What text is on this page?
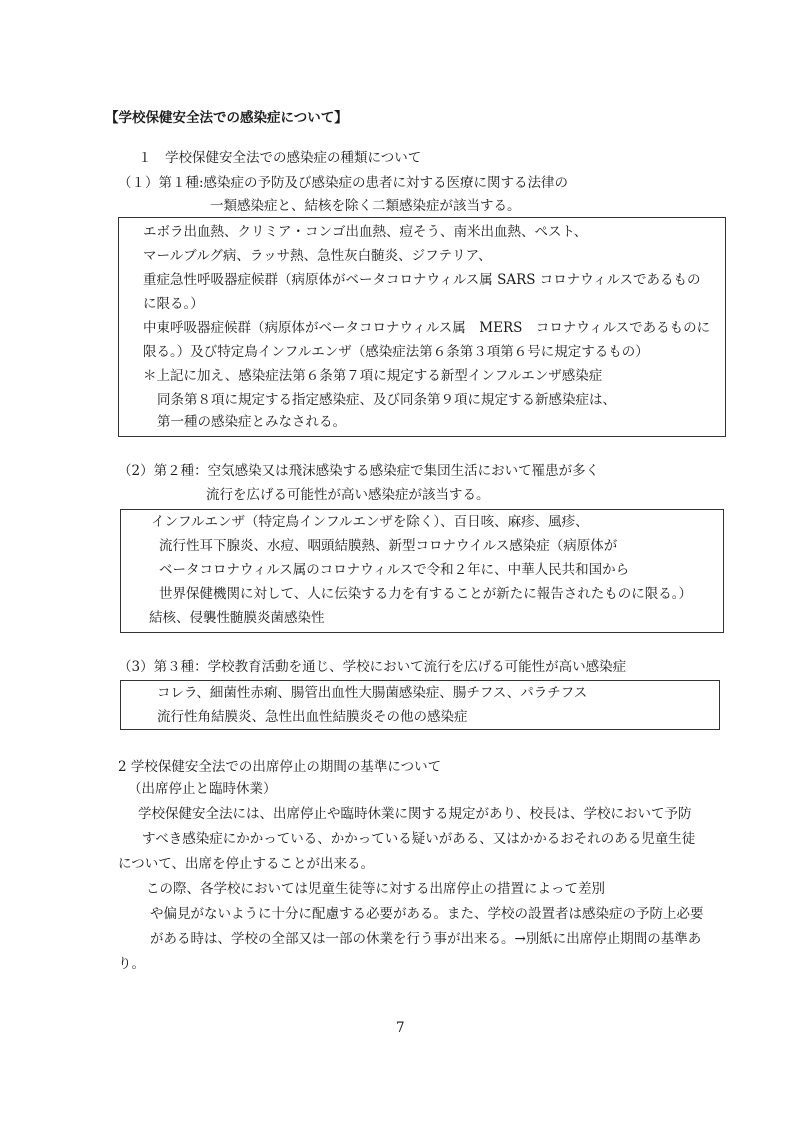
【学校保健安全法での感染症について】
１　学校保健安全法での感染症の種類について
（１）第１種:感染症の予防及び感染症の患者に対する医療に関する法律の
一類感染症と、結核を除く二類感染症が該当する。
エボラ出血熱、クリミア・コンゴ出血熱、痘そう、南米出血熱、ペスト、
マールブルグ病、ラッサ熱、急性灰白髄炎、ジフテリア、
重症急性呼吸器症候群（病原体がベータコロナウィルス属 SARS コロナウィルスであるもの
に限る。）
中東呼吸器症候群（病原体がベータコロナウィルス属　MERS　コロナウィルスであるものに
限る。）及び特定鳥インフルエンザ（感染症法第６条第３項第６号に規定するもの）
＊上記に加え、感染症法第６条第７項に規定する新型インフルエンザ感染症
同条第８項に規定する指定感染症、及び同条第９項に規定する新感染症は、
第一種の感染症とみなされる。
（2）第２種：空気感染又は飛沫感染する感染症で集団生活において罹患が多く
流行を広げる可能性が高い感染症が該当する。
インフルエンザ（特定鳥インフルエンザを除く）、百日咳、麻疹、風疹、
流行性耳下腺炎、水痘、咽頭結膜熱、新型コロナウイルス感染症（病原体が
ベータコロナウィルス属のコロナウィルスで令和２年に、中華人民共和国から
世界保健機関に対して、人に伝染する力を有することが新たに報告されたものに限る。）
結核、侵襲性髄膜炎菌感染性
（3）第３種：学校教育活動を通じ、学校において流行を広げる可能性が高い感染症
コレラ、細菌性赤痢、腸管出血性大腸菌感染症、腸チフス、パラチフス
流行性角結膜炎、急性出血性結膜炎その他の感染症
2 学校保健安全法での出席停止の期間の基準について
（出席停止と臨時休業）
学校保健安全法には、出席停止や臨時休業に関する規定があり、校長は、学校において予防
すべき感染症にかかっている、かかっている疑いがある、又はかかるおそれのある児童生徒
について、出席を停止することが出来る。
この際、各学校においては児童生徒等に対する出席停止の措置によって差別
や偏見がないように十分に配慮する必要がある。また、学校の設置者は感染症の予防上必要
がある時は、学校の全部又は一部の休業を行う事が出来る。→別紙に出席停止期間の基準あ
り。
7
